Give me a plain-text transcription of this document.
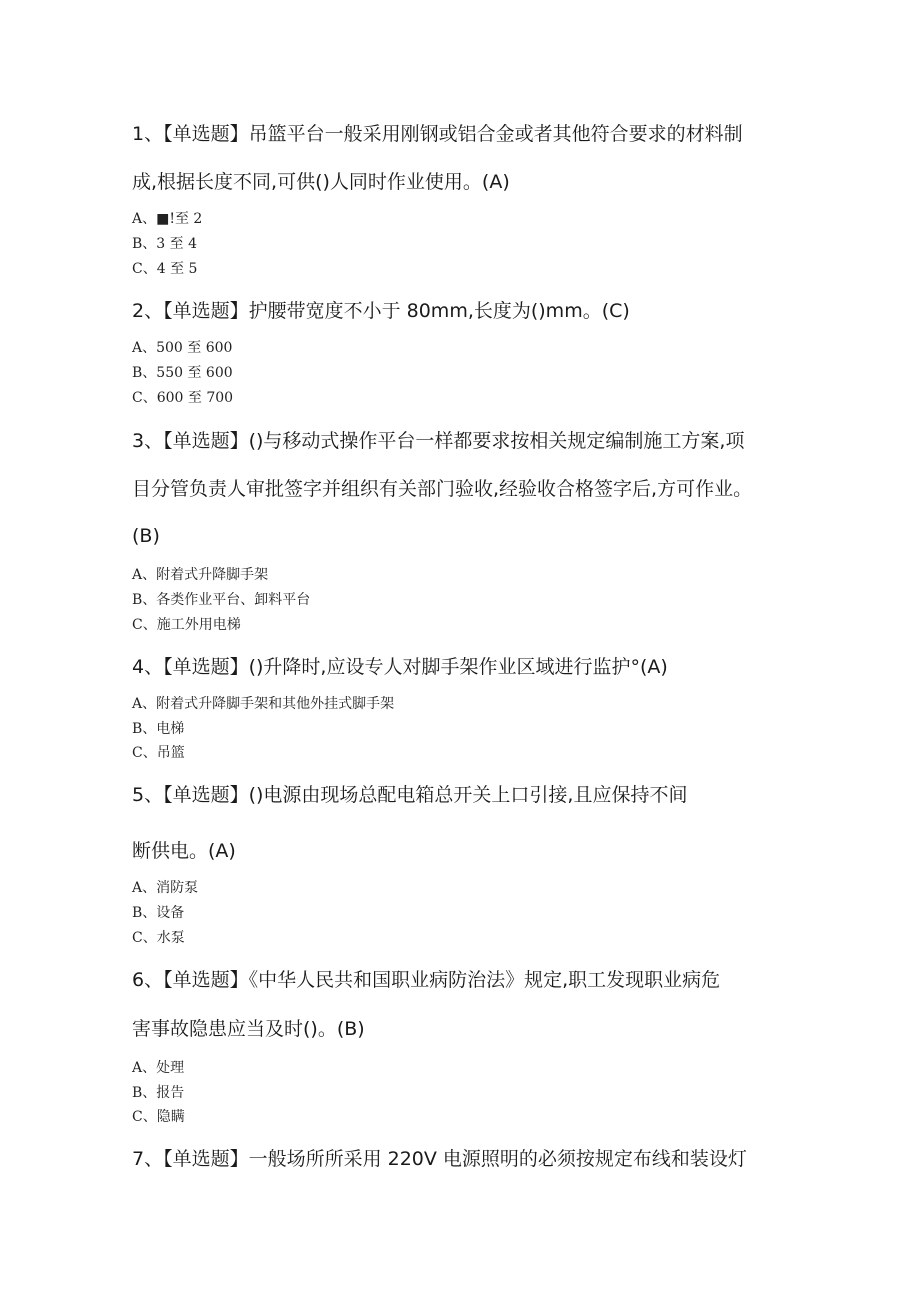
1、【单选题】吊篮平台一般采用刚钢或铝合金或者其他符合要求的材料制
成,根据长度不同,可供()人同时作业使用。(A)
A、■!至 2
B、3 至 4
C、4 至 5
2、【单选题】护腰带宽度不小于 80mm,长度为()mm。(C)
A、500 至 600
B、550 至 600
C、600 至 700
3、【单选题】()与移动式操作平台一样都要求按相关规定编制施工方案,项
目分管负责人审批签字并组织有关部门验收,经验收合格签字后,方可作业。
(B)
A、附着式升降脚手架
B、各类作业平台、卸料平台
C、施工外用电梯
4、【单选题】()升降时,应设专人对脚手架作业区域进行监护°(A)
A、附着式升降脚手架和其他外挂式脚手架
B、电梯
C、吊篮
5、【单选题】()电源由现场总配电箱总开关上口引接,且应保持不间
断供电。(A)
A、消防泵
B、设备
C、水泵
6、【单选题】《中华人民共和国职业病防治法》规定,职工发现职业病危
害事故隐患应当及时()。(B)
A、处理
B、报告
C、隐瞒
7、【单选题】一般场所所采用 220V 电源照明的必须按规定布线和装设灯
